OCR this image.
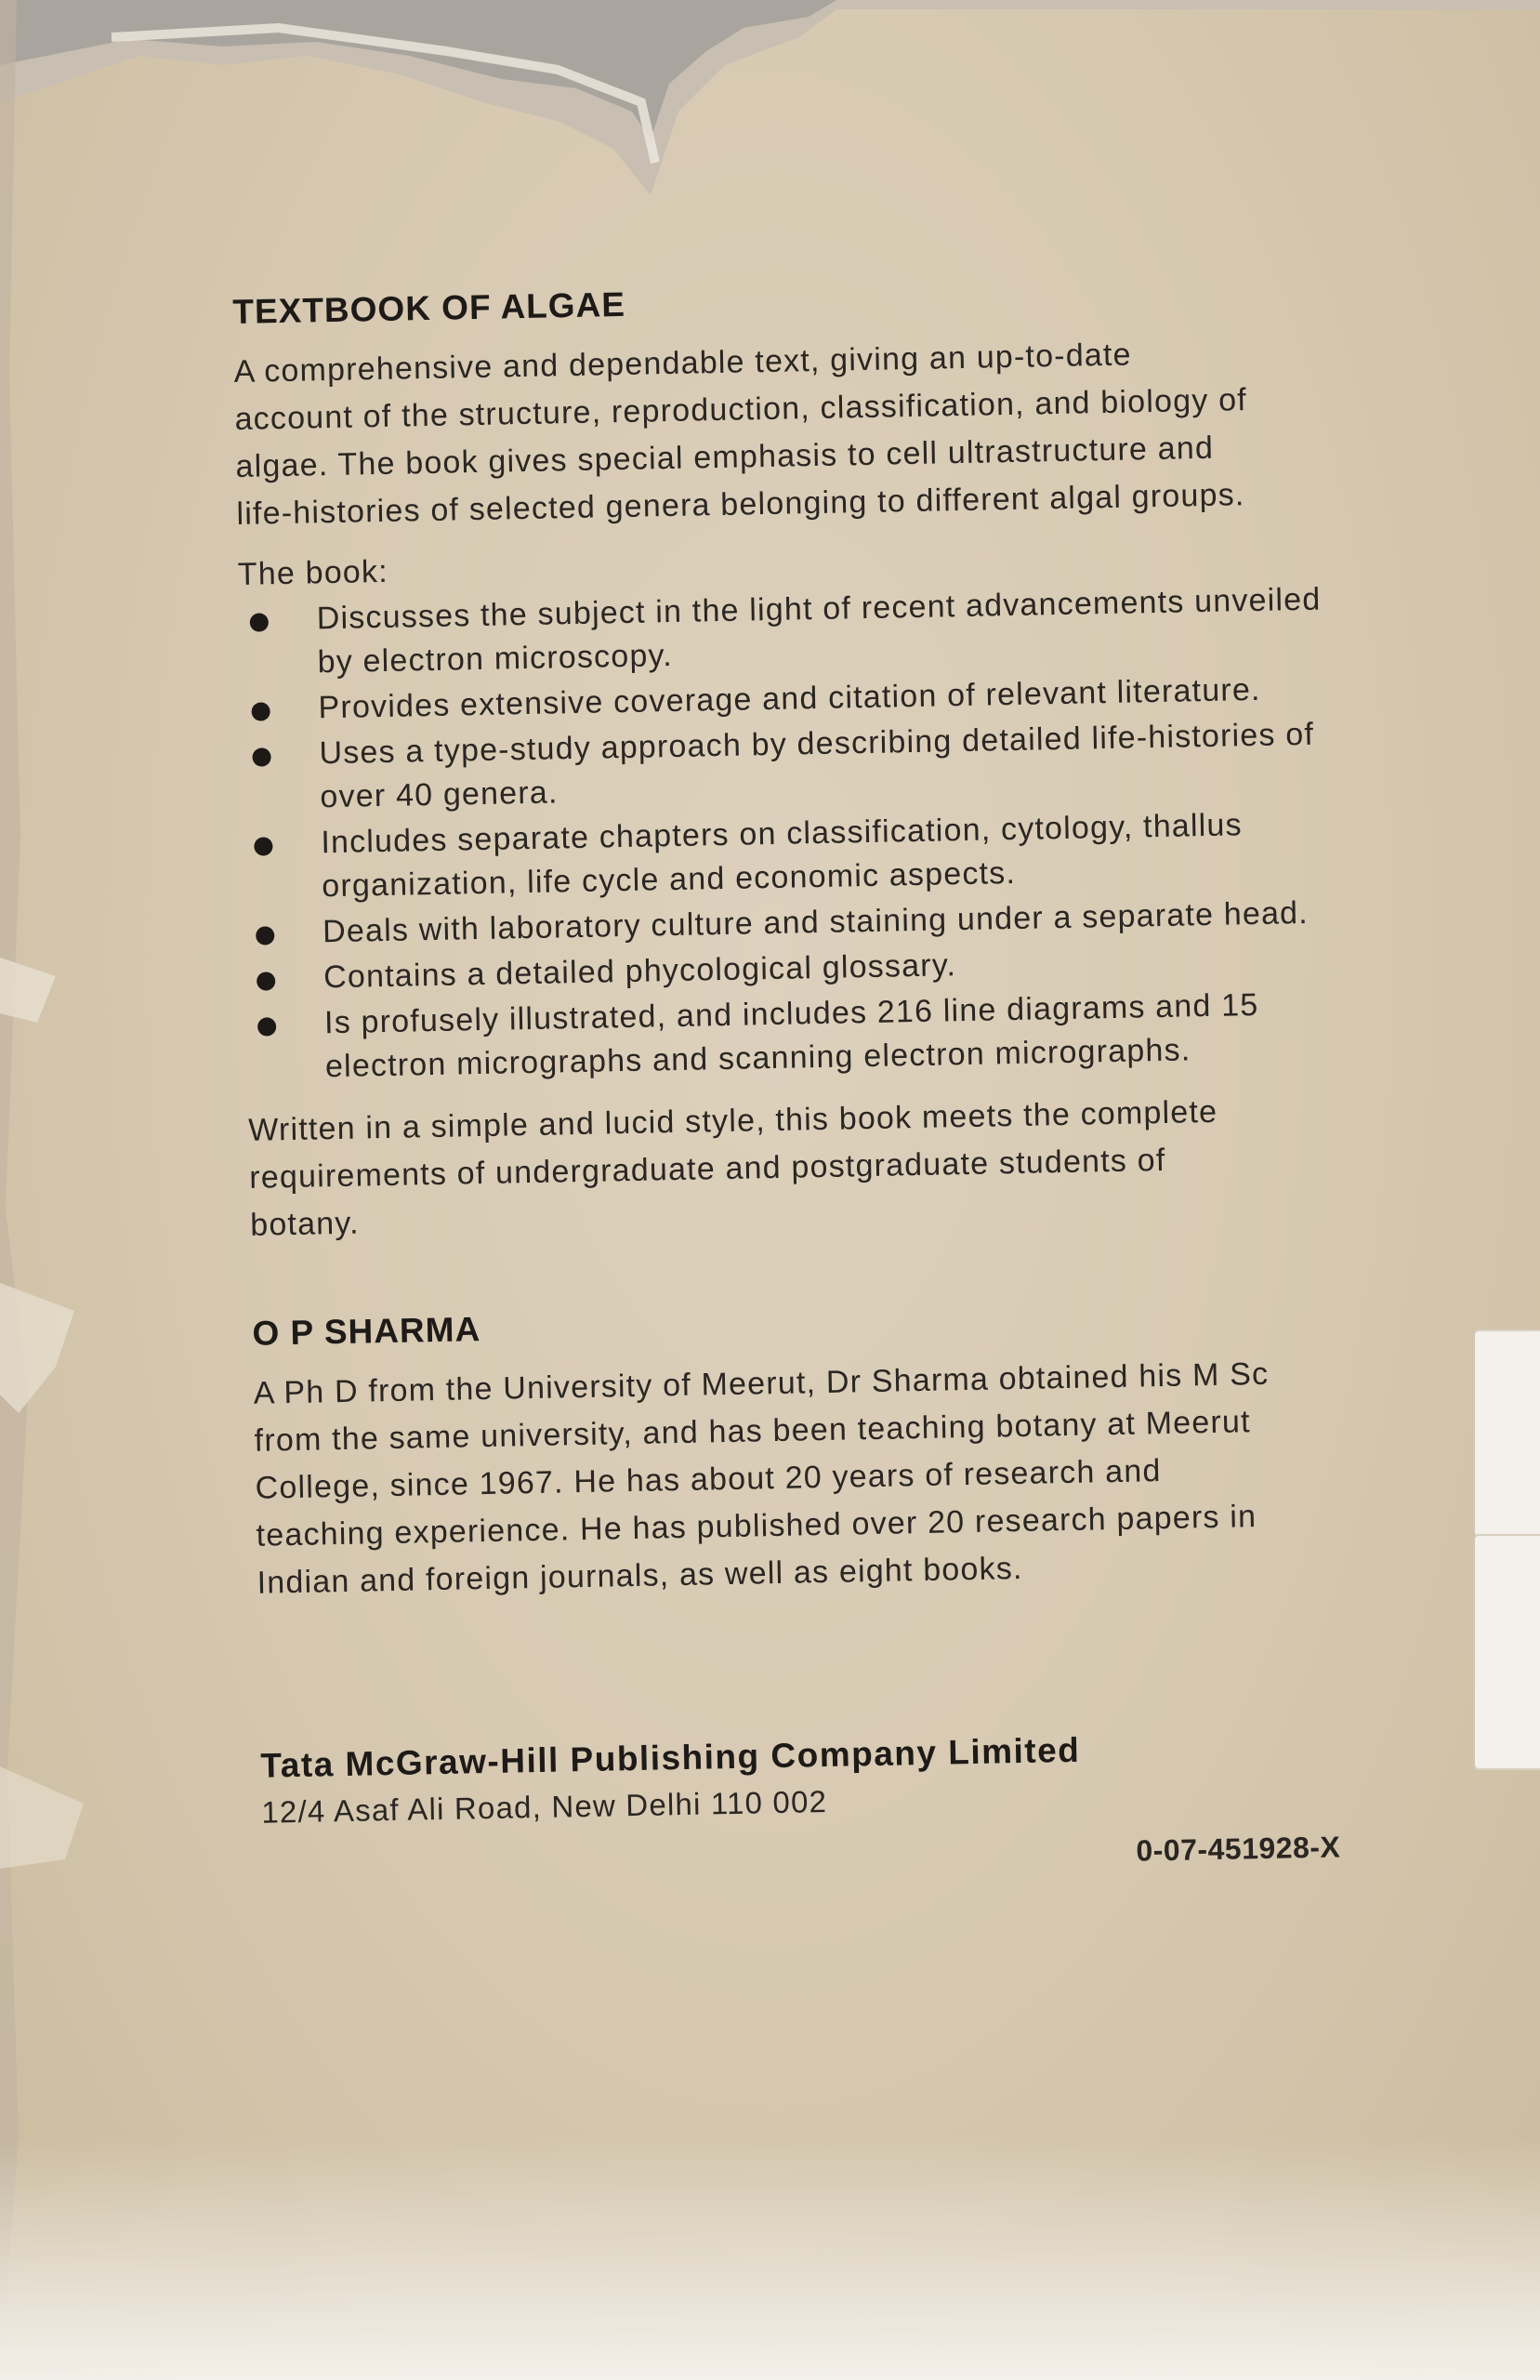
TEXTBOOK OF ALGAE

A comprehensive and dependable text, giving an up-to-date account of the structure, reproduction, classification, and biology of algae. The book gives special emphasis to cell ultrastructure and life-histories of selected genera belonging to different algal groups.

The book:

Discusses the subject in the light of recent advancements unveiled by electron microscopy.
Provides extensive coverage and citation of relevant literature.
Uses a type-study approach by describing detailed life-histories of over 40 genera.
Includes separate chapters on classification, cytology, thallus organization, life cycle and economic aspects.
Deals with laboratory culture and staining under a separate head.
Contains a detailed phycological glossary.
Is profusely illustrated, and includes 216 line diagrams and 15 electron micrographs and scanning electron micrographs.

Written in a simple and lucid style, this book meets the complete requirements of undergraduate and postgraduate students of botany.

O P SHARMA

A Ph D from the University of Meerut, Dr Sharma obtained his M Sc from the same university, and has been teaching botany at Meerut College, since 1967. He has about 20 years of research and teaching experience. He has published over 20 research papers in Indian and foreign journals, as well as eight books.

Tata McGraw-Hill Publishing Company Limited

12/4 Asaf Ali Road, New Delhi 110 002

0-07-451928-X
